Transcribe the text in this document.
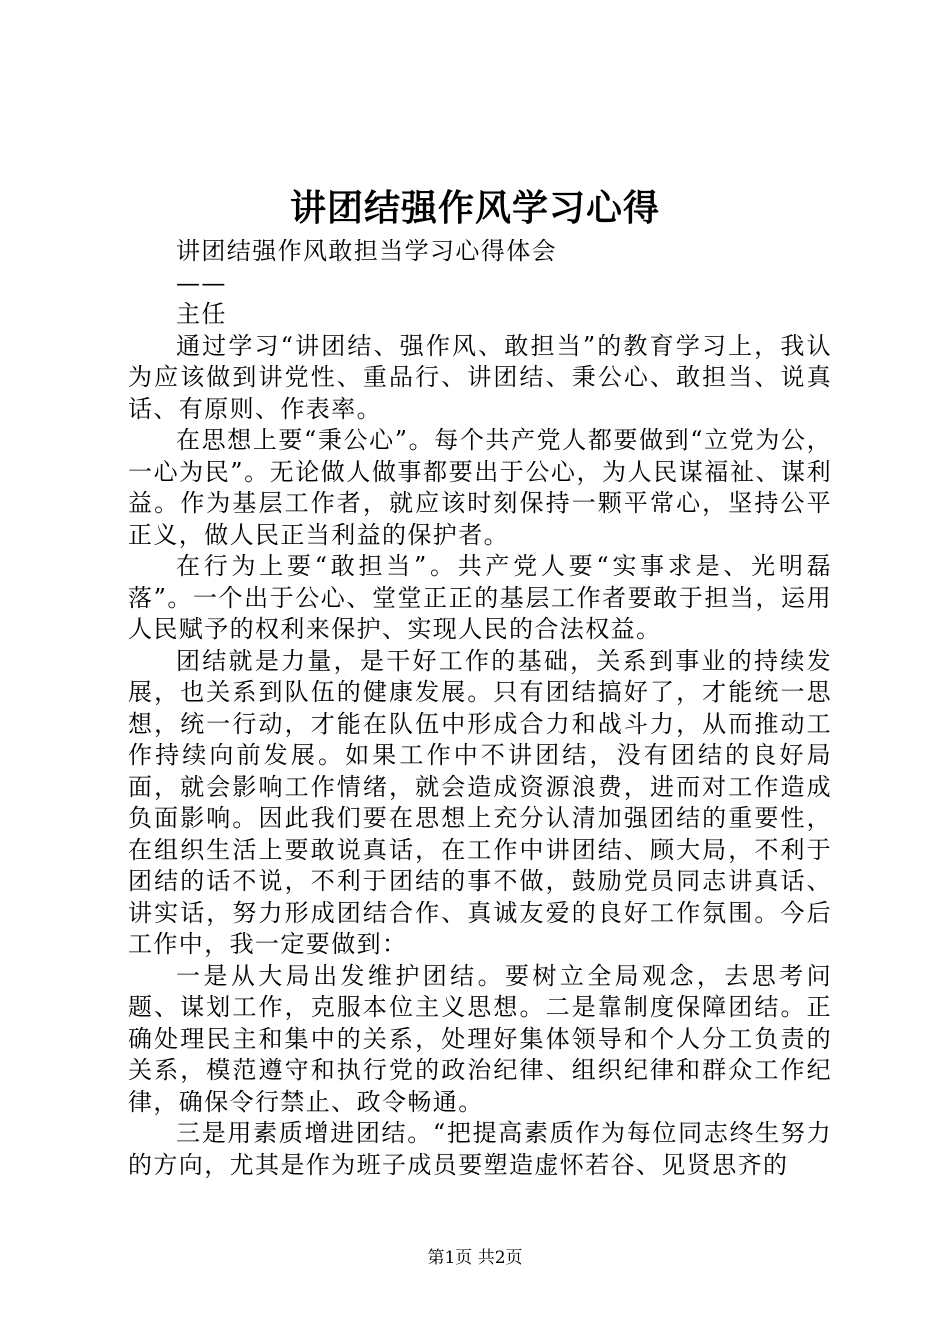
讲团结强作风学习心得

讲团结强作风敢担当学习心得体会

——

主任

通过学习“讲团结、强作风、敢担当”的教育学习上，我认为应该做到讲党性、重品行、讲团结、秉公心、敢担当、说真话、有原则、作表率。

在思想上要“秉公心”。每个共产党人都要做到“立党为公，一心为民”。无论做人做事都要出于公心，为人民谋福祉、谋利益。作为基层工作者，就应该时刻保持一颗平常心，坚持公平正义，做人民正当利益的保护者。

在行为上要“敢担当”。共产党人要“实事求是、光明磊落”。一个出于公心、堂堂正正的基层工作者要敢于担当，运用人民赋予的权利来保护、实现人民的合法权益。

团结就是力量，是干好工作的基础，关系到事业的持续发展，也关系到队伍的健康发展。只有团结搞好了，才能统一思想，统一行动，才能在队伍中形成合力和战斗力，从而推动工作持续向前发展。如果工作中不讲团结，没有团结的良好局面，就会影响工作情绪，就会造成资源浪费，进而对工作造成负面影响。因此我们要在思想上充分认清加强团结的重要性，在组织生活上要敢说真话，在工作中讲团结、顾大局，不利于团结的话不说，不利于团结的事不做，鼓励党员同志讲真话、讲实话，努力形成团结合作、真诚友爱的良好工作氛围。今后工作中，我一定要做到：

一是从大局出发维护团结。要树立全局观念，去思考问题、谋划工作，克服本位主义思想。二是靠制度保障团结。正确处理民主和集中的关系，处理好集体领导和个人分工负责的关系，模范遵守和执行党的政治纪律、组织纪律和群众工作纪律，确保令行禁止、政令畅通。

三是用素质增进团结。“把提高素质作为每位同志终生努力的方向，尤其是作为班子成员要塑造虚怀若谷、见贤思齐的

第1页 共2页
